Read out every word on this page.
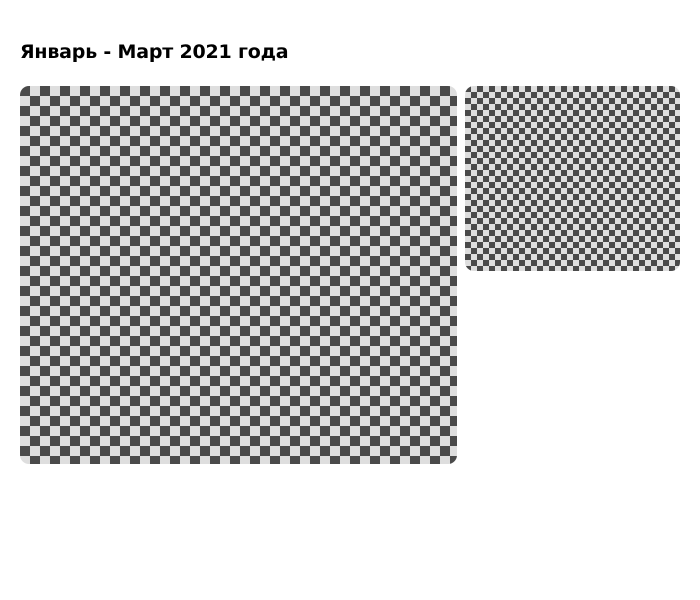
Январь - Март 2021 года
